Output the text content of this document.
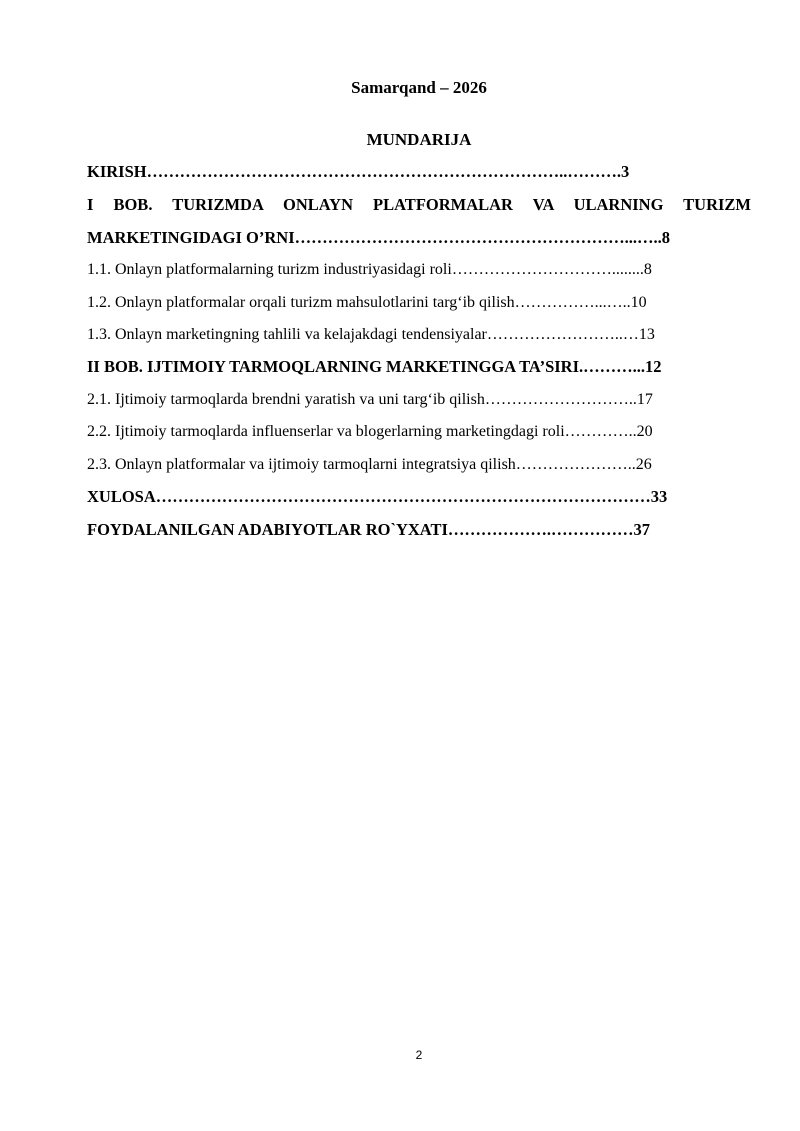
Samarqand – 2026
MUNDARIJA
KIRISH…………………………………………………………………..……….3
I BOB. TURIZMDA ONLAYN PLATFORMALAR VA ULARNING TURIZM
MARKETINGIDAGI O’RNI……………………………………………………...…..8
1.1. Onlayn platformalarning turizm industriyasidagi roli…………………………........8
1.2. Onlayn platformalar orqali turizm mahsulotlarini targ‘ib qilish……………...…..10
1.3. Onlayn marketingning tahlili va kelajakdagi tendensiyalar……………………..…13
II BOB. IJTIMOIY TARMOQLARNING MARKETINGGA TA’SIRI.………...12
2.1. Ijtimoiy tarmoqlarda brendni yaratish va uni targ‘ib qilish………………………..17
2.2. Ijtimoiy tarmoqlarda influenserlar va blogerlarning marketingdagi roli…………..20
2.3. Onlayn platformalar va ijtimoiy tarmoqlarni integratsiya qilish…………………..26
XULOSA………………………………………………………………………………33
FOYDALANILGAN ADABIYOTLAR RO`YXATI……………….……………37
2
